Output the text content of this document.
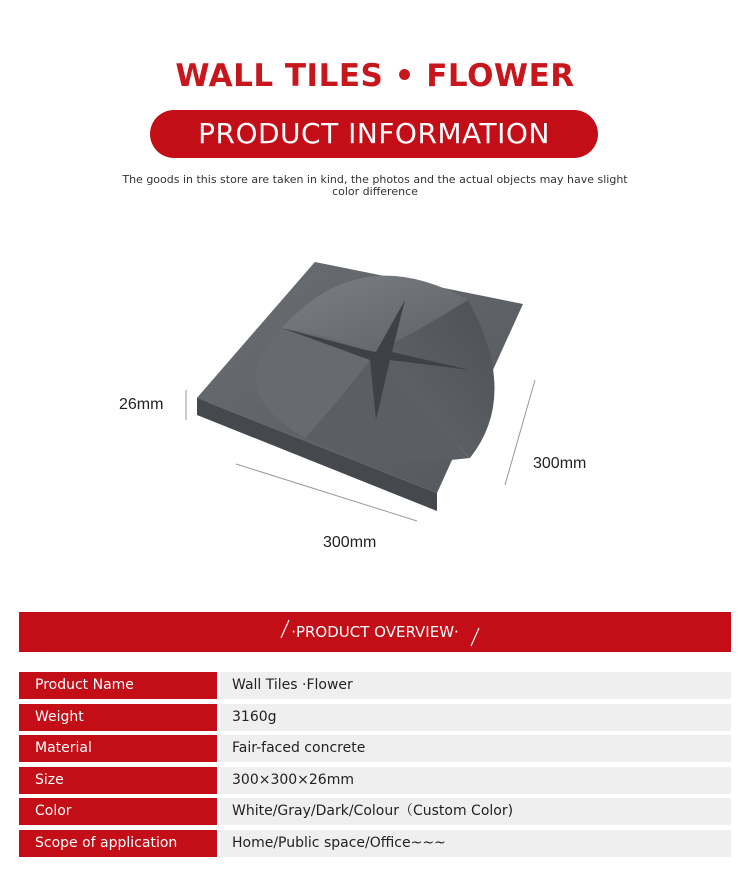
WALL TILES • FLOWER
PRODUCT INFORMATION
The goods in this store are taken in kind, the photos and the actual objects may have slight
color difference
26mm
300mm
300mm
·PRODUCT OVERVIEW·
Product Name	Wall Tiles ·Flower
Weight	3160g
Material	Fair-faced concrete
Size	300×300×26mm
Color	White/Gray/Dark/Colour（Custom Color)
Scope of application	Home/Public space/Office~~~
